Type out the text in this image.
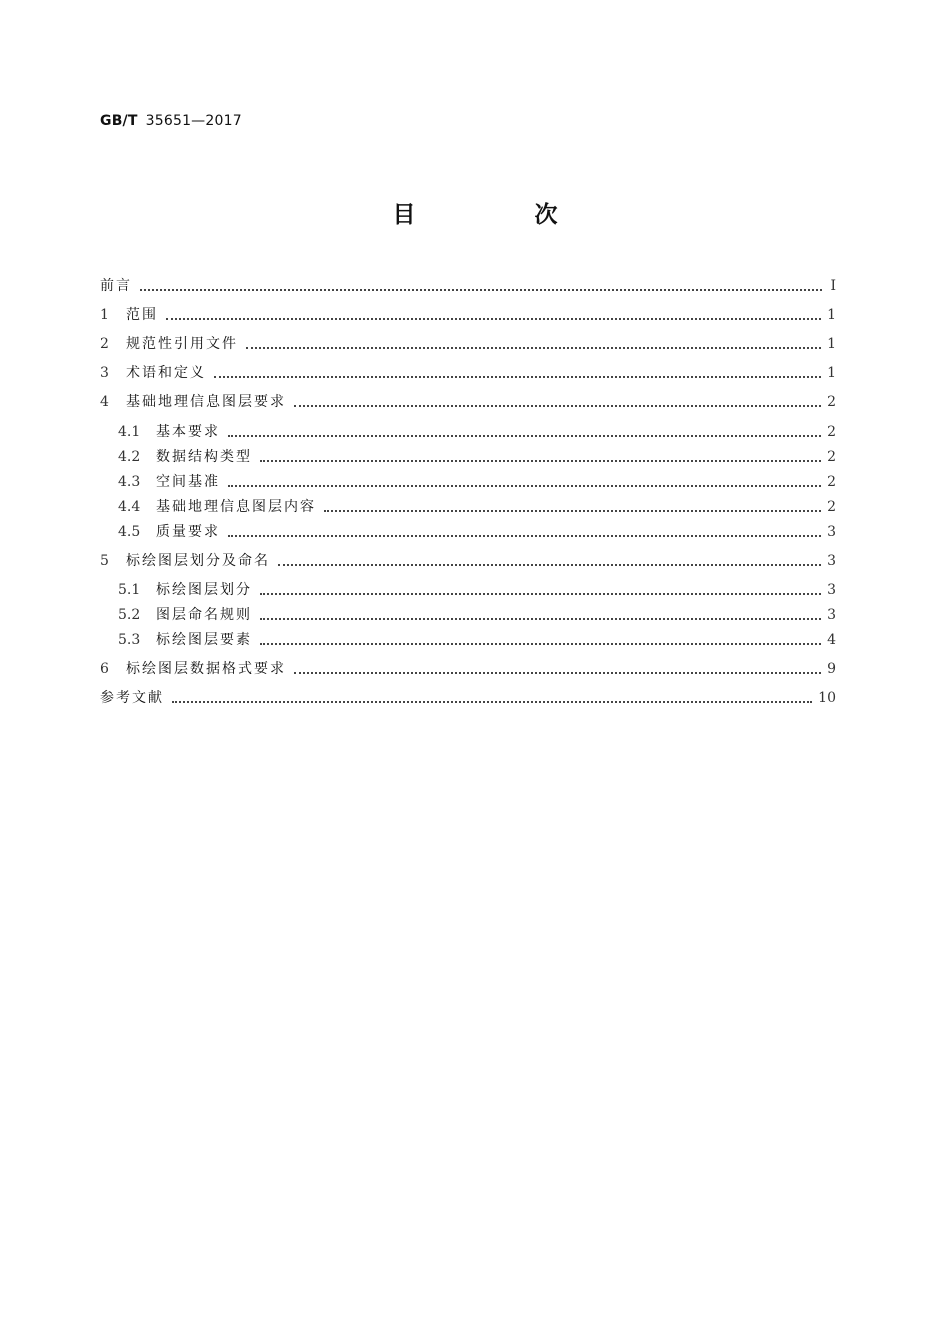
GB/T 35651—2017
目　次
前言	Ⅰ
1	范围	1
2	规范性引用文件	1
3	术语和定义	1
4	基础地理信息图层要求	2
4.1	基本要求	2
4.2	数据结构类型	2
4.3	空间基准	2
4.4	基础地理信息图层内容	2
4.5	质量要求	3
5	标绘图层划分及命名	3
5.1	标绘图层划分	3
5.2	图层命名规则	3
5.3	标绘图层要素	4
6	标绘图层数据格式要求	9
参考文献	10
